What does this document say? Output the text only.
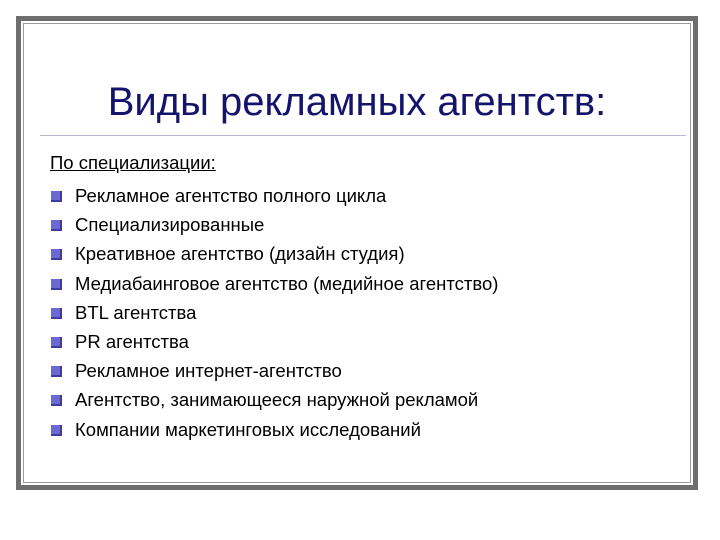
Виды рекламных агентств:
По специализации:
Рекламное агентство полного цикла
Специализированные
Креативное агентство (дизайн студия)
Медиабаинговое агентство (медийное агентство)
BTL агентства
PR агентства
Рекламное интернет-агентство
Агентство, занимающееся наружной рекламой
Компании маркетинговых исследований
